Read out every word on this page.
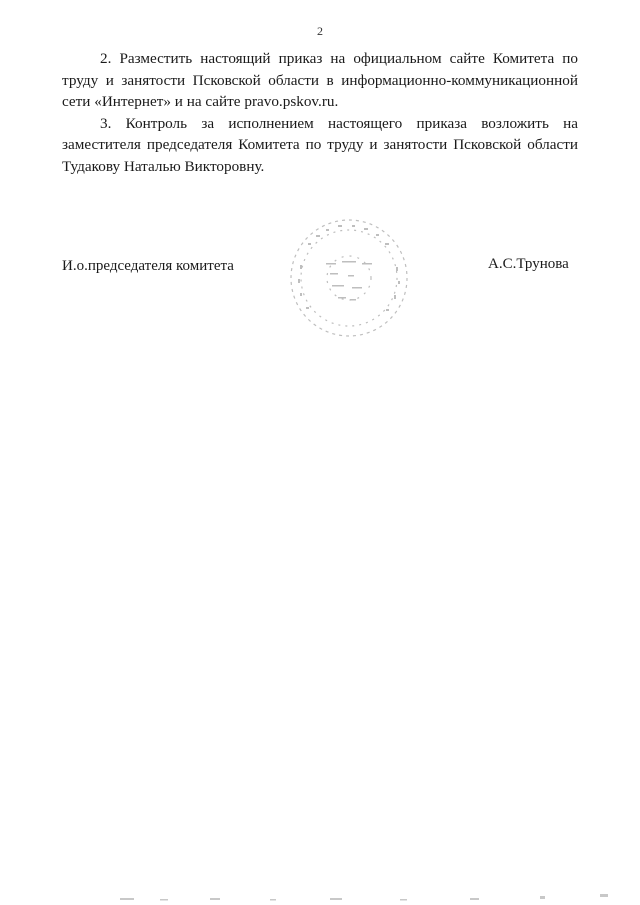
2

2. Разместить настоящий приказ на официальном сайте Комитета по труду и занятости Псковской области в информационно-коммуникационной сети «Интернет» и на сайте pravo.pskov.ru.

3. Контроль за исполнением настоящего приказа возложить на заместителя председателя Комитета по труду и занятости Псковской области Тудакову Наталью Викторовну.

И.о.председателя комитета	А.С.Трунова
